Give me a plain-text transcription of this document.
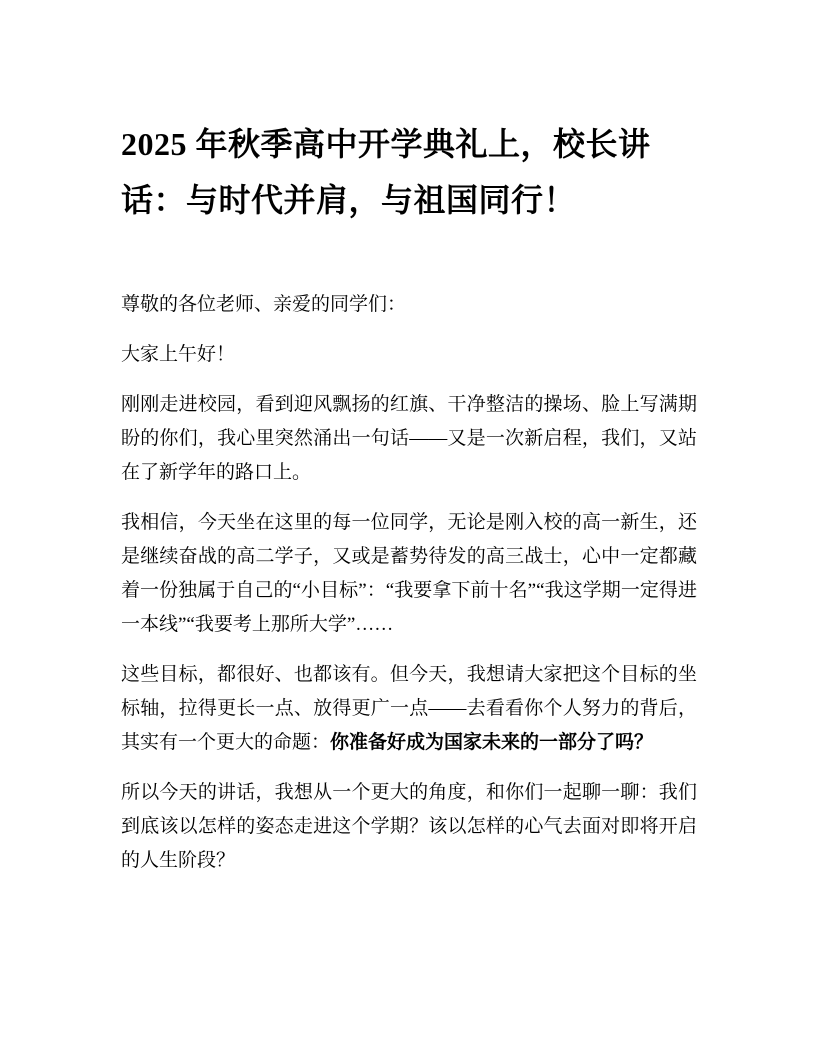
2025 年秋季高中开学典礼上，校长讲话：与时代并肩，与祖国同行！

尊敬的各位老师、亲爱的同学们：

大家上午好！

刚刚走进校园，看到迎风飘扬的红旗、干净整洁的操场、脸上写满期盼的你们，我心里突然涌出一句话——又是一次新启程，我们，又站在了新学年的路口上。

我相信，今天坐在这里的每一位同学，无论是刚入校的高一新生，还是继续奋战的高二学子，又或是蓄势待发的高三战士，心中一定都藏着一份独属于自己的“小目标”：“我要拿下前十名”“我这学期一定得进一本线”“我要考上那所大学”……

这些目标，都很好、也都该有。但今天，我想请大家把这个目标的坐标轴，拉得更长一点、放得更广一点——去看看你个人努力的背后，其实有一个更大的命题：你准备好成为国家未来的一部分了吗？

所以今天的讲话，我想从一个更大的角度，和你们一起聊一聊：我们到底该以怎样的姿态走进这个学期？该以怎样的心气去面对即将开启的人生阶段？
